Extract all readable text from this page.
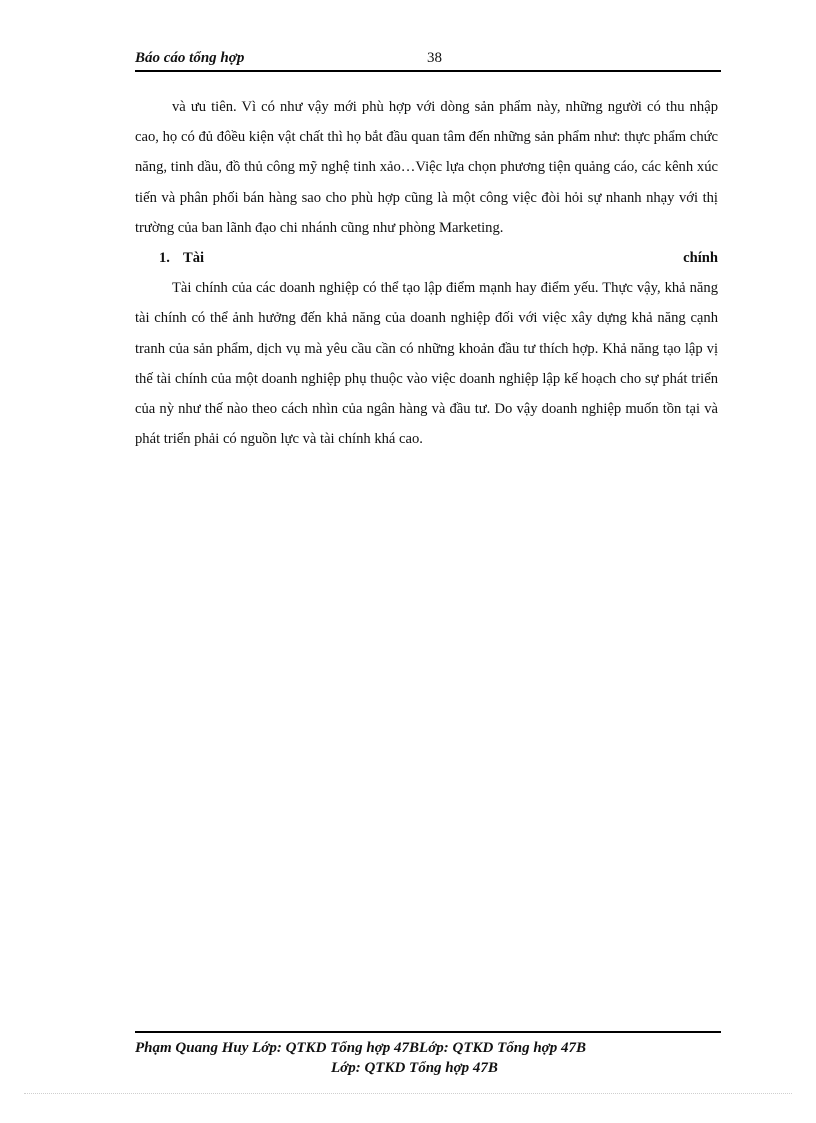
Báo cáo tổng hợp	38

và ưu tiên. Vì có như vậy mới phù hợp với dòng sản phẩm này, những người có thu nhập cao, họ có đủ đôều kiện vật chất thì họ bắt đầu quan tâm đến những sản phẩm như: thực phẩm chức năng, tinh dầu, đồ thủ công mỹ nghệ tinh xảo…Việc lựa chọn phương tiện quảng cáo, các kênh xúc tiến và phân phối bán hàng sao cho phù hợp cũng là một công việc đòi hỏi sự nhanh nhạy với thị trường của ban lãnh đạo chi nhánh cũng như phòng Marketing.

1. Tài	chính

Tài chính của các doanh nghiệp có thể tạo lập điểm mạnh hay điểm yếu. Thực vậy, khả năng tài chính có thể ảnh hưởng đến khả năng của doanh nghiệp đối với việc xây dựng khả năng cạnh tranh của sản phẩm, dịch vụ mà yêu cầu cần có những khoản đầu tư thích hợp. Khả năng tạo lập vị thế tài chính của một doanh nghiệp phụ thuộc vào việc doanh nghiệp lập kế hoạch cho sự phát triển của nỳ như thế nào theo cách nhìn của ngân hàng và đầu tư. Do vậy doanh nghiệp muốn tồn tại và phát triển phải có nguồn lực và tài chính khá cao.

Phạm Quang Huy Lớp: QTKD Tổng hợp 47BLớp: QTKD Tổng hợp 47B
Lớp: QTKD Tổng hợp 47B
